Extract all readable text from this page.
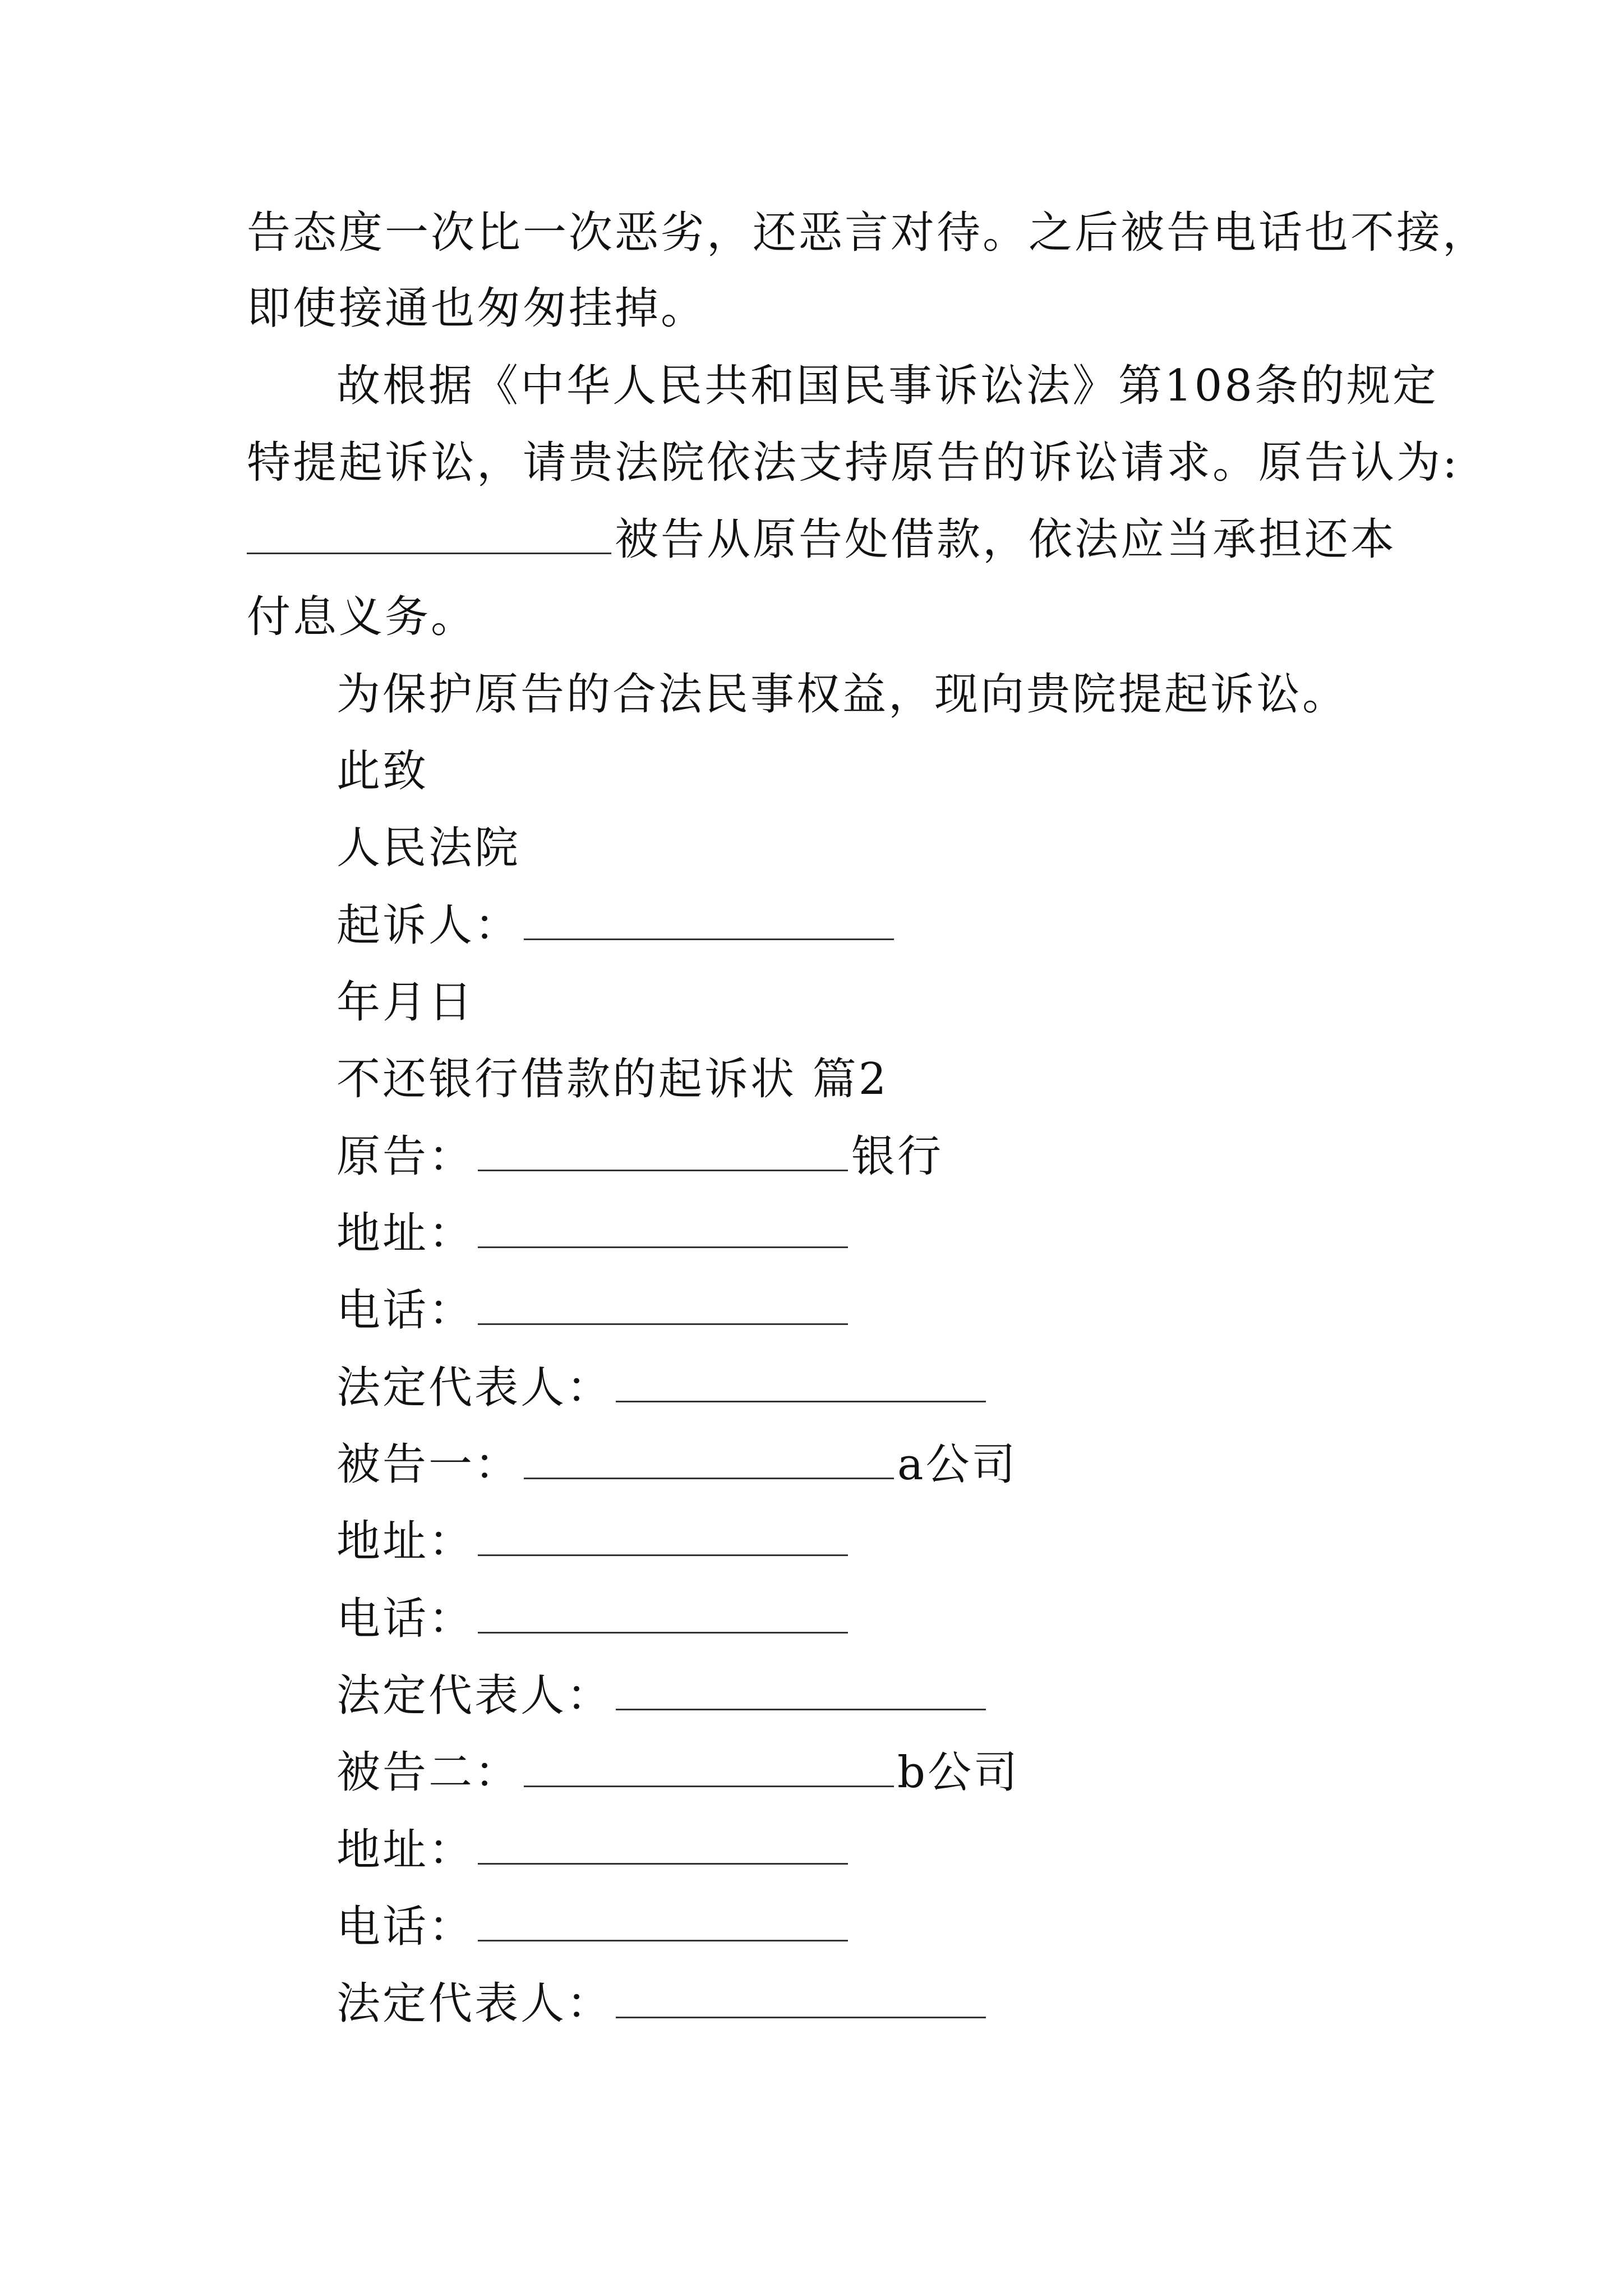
告态度一次比一次恶劣，还恶言对待。之后被告电话也不接，
即使接通也匆匆挂掉。
故根据《中华人民共和国民事诉讼法》第108条的规定
特提起诉讼，请贵法院依法支持原告的诉讼请求。原告认为:
被告从原告处借款，依法应当承担还本
付息义务。
为保护原告的合法民事权益，现向贵院提起诉讼。
此致
人民法院
起诉人：
年月日
不还银行借款的起诉状 篇2
原告：	银行
地址：
电话：
法定代表人：
被告一：	a公司
地址：
电话：
法定代表人：
被告二：	b公司
地址：
电话：
法定代表人：
